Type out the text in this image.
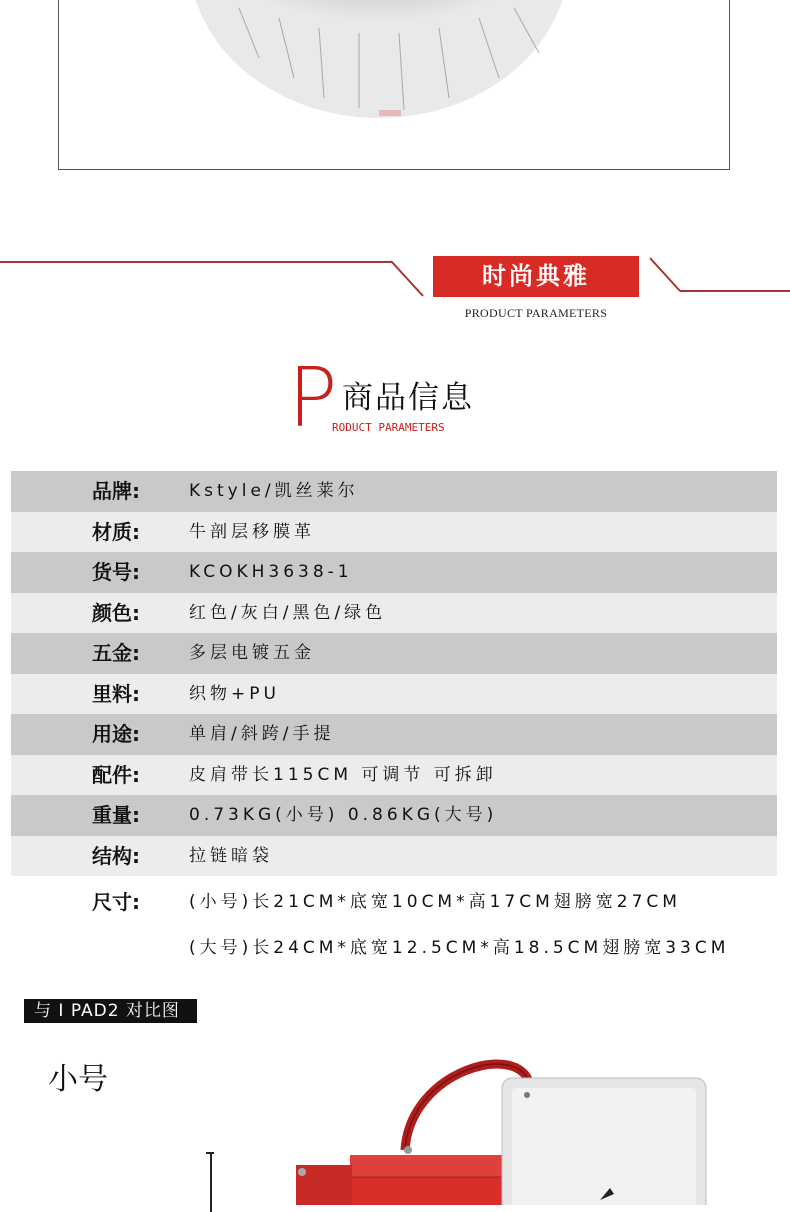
时尚典雅
PRODUCT PARAMETERS
P 商品信息
RODUCT PARAMETERS
品牌:	Kstyle/凯丝莱尔
材质:	牛剖层移膜革
货号:	KCOKH3638-1
颜色:	红色/灰白/黑色/绿色
五金:	多层电镀五金
里料:	织物+PU
用途:	单肩/斜跨/手提
配件:	皮肩带长115CM 可调节 可拆卸
重量:	0.73KG(小号) 0.86KG(大号)
结构:	拉链暗袋
尺寸:	(小号)长21CM*底宽10CM*高17CM翅膀宽27CM
(大号)长24CM*底宽12.5CM*高18.5CM翅膀宽33CM
与 I PAD2 对比图
小号
